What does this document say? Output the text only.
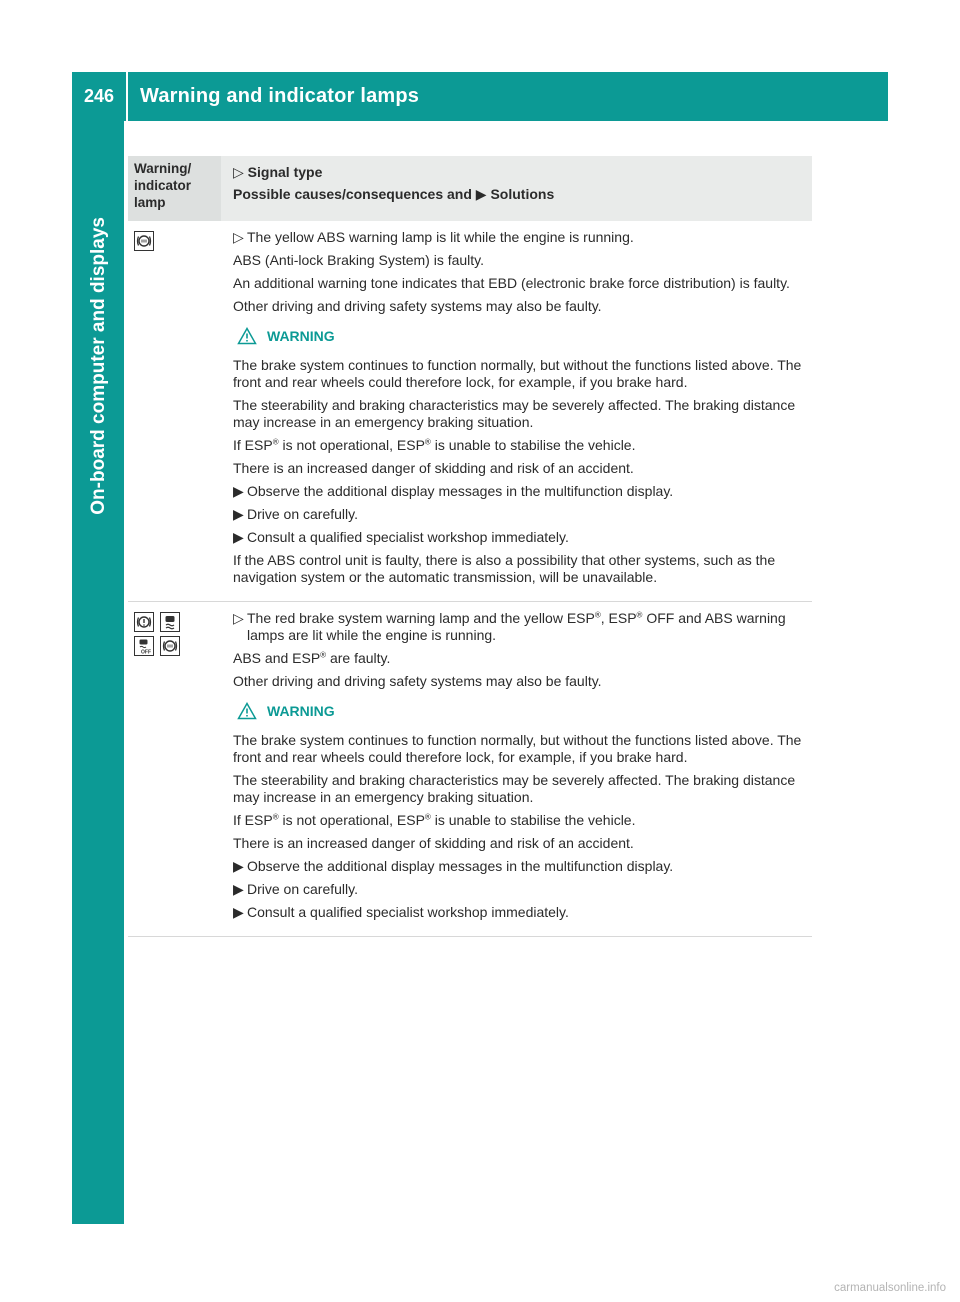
246	Warning and indicator lamps
On-board computer and displays
Warning/
indicator
lamp
▷ Signal type
Possible causes/consequences and ▶ Solutions

▷ The yellow ABS warning lamp is lit while the engine is running.

ABS (Anti-lock Braking System) is faulty.

An additional warning tone indicates that EBD (electronic brake force distribution) is faulty.

Other driving and driving safety systems may also be faulty.

WARNING

The brake system continues to function normally, but without the functions listed above. The front and rear wheels could therefore lock, for example, if you brake hard.

The steerability and braking characteristics may be severely affected. The braking distance may increase in an emergency braking situation.

If ESP® is not operational, ESP® is unable to stabilise the vehicle.

There is an increased danger of skidding and risk of an accident.

▶ Observe the additional display messages in the multifunction display.

▶ Drive on carefully.

▶ Consult a qualified specialist workshop immediately.

If the ABS control unit is faulty, there is also a possibility that other systems, such as the navigation system or the automatic transmission, will be unavailable.

OFF

▷ The red brake system warning lamp and the yellow ESP®, ESP® OFF and ABS warning lamps are lit while the engine is running.

ABS and ESP® are faulty.

Other driving and driving safety systems may also be faulty.

WARNING

The brake system continues to function normally, but without the functions listed above. The front and rear wheels could therefore lock, for example, if you brake hard.

The steerability and braking characteristics may be severely affected. The braking distance may increase in an emergency braking situation.

If ESP® is not operational, ESP® is unable to stabilise the vehicle.

There is an increased danger of skidding and risk of an accident.

▶ Observe the additional display messages in the multifunction display.

▶ Drive on carefully.

▶ Consult a qualified specialist workshop immediately.

carmanualsonline.info
